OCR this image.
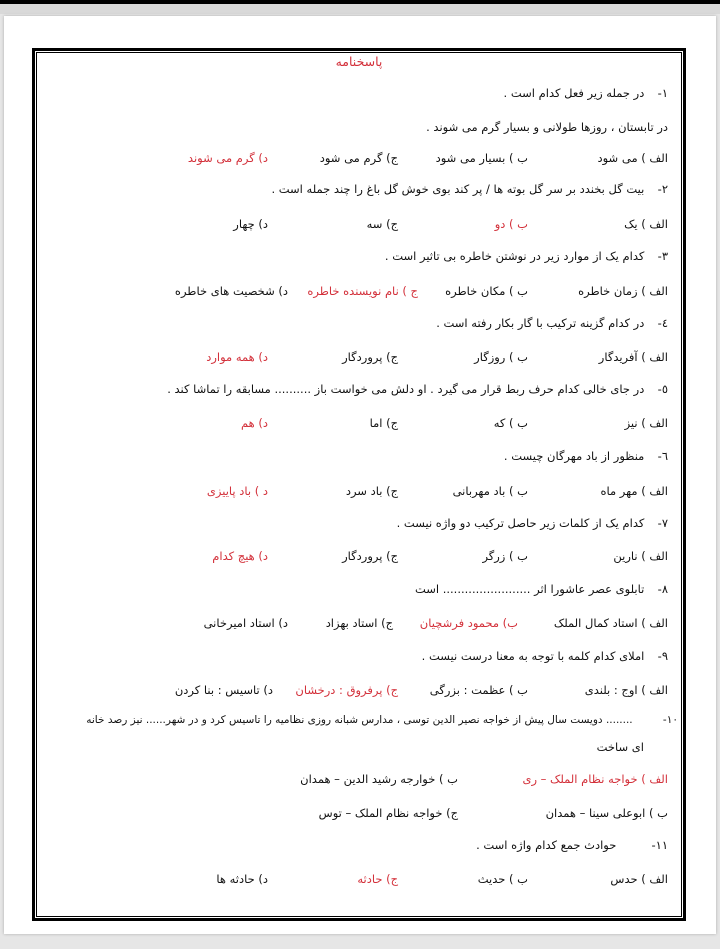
پاسخنامه
۱- در جمله زیر فعل کدام است .
در تابستان ، روزها طولانی و بسیار گرم می شوند .
الف ) می شود
ب ) بسیار می شود
ج) گرم می شود
د) گرم می شوند
۲- بیت گل بخندد بر سر گل بوته ها / پر کند بوی خوش گل باغ را چند جمله است .
الف ) یک
ب ) دو
ج) سه
د) چهار
۳- کدام یک از موارد زیر در نوشتن خاطره بی تاثیر است .
الف ) زمان خاطره
ب ) مکان خاطره
ج ) نام نویسنده خاطره
د) شخصیت های خاطره
٤- در کدام گزینه ترکیب با گار بکار رفته است .
الف ) آفریدگار
ب ) روزگار
ج) پروردگار
د) همه موارد
٥- در جای خالی کدام حرف ربط قرار می گیرد . او دلش می خواست باز .......... مسابقه را تماشا کند .
الف ) نیز
ب ) که
ج) اما
د) هم
٦- منظور از باد مهرگان چیست .
الف ) مهر ماه
ب ) باد مهربانی
ج) باد سرد
د ) باد پاییزی
۷- کدام یک از کلمات زیر حاصل ترکیب دو واژه نیست .
الف ) نارین
ب ) زرگر
ج) پروردگار
د) هیچ کدام
۸- تابلوی عصر عاشورا اثر ........................ است
الف ) استاد کمال الملک
ب) محمود فرشچیان
ج) استاد بهزاد
د) استاد امیرخانی
۹- املای کدام کلمه با توجه به معنا درست نیست .
الف ) اوج : بلندی
ب ) عظمت : بزرگی
ج) پرفروق : درخشان
د) تاسیس : بنا کردن
۱۰- ........ دویست سال پیش از خواجه نصیر الدین توسی ، مدارس شبانه روزی نظامیه را تاسیس کرد و در شهر...... نیز رصد خانه
ای ساخت
الف ) خواجه نظام الملک – ری
ب ) خوارجه رشید الدین – همدان
ب ) ابوعلی سینا – همدان
ج) خواجه نظام الملک – توس
۱۱- حوادث جمع کدام واژه است .
الف ) حدس
ب ) حدیث
ج) حادثه
د) حادثه ها
